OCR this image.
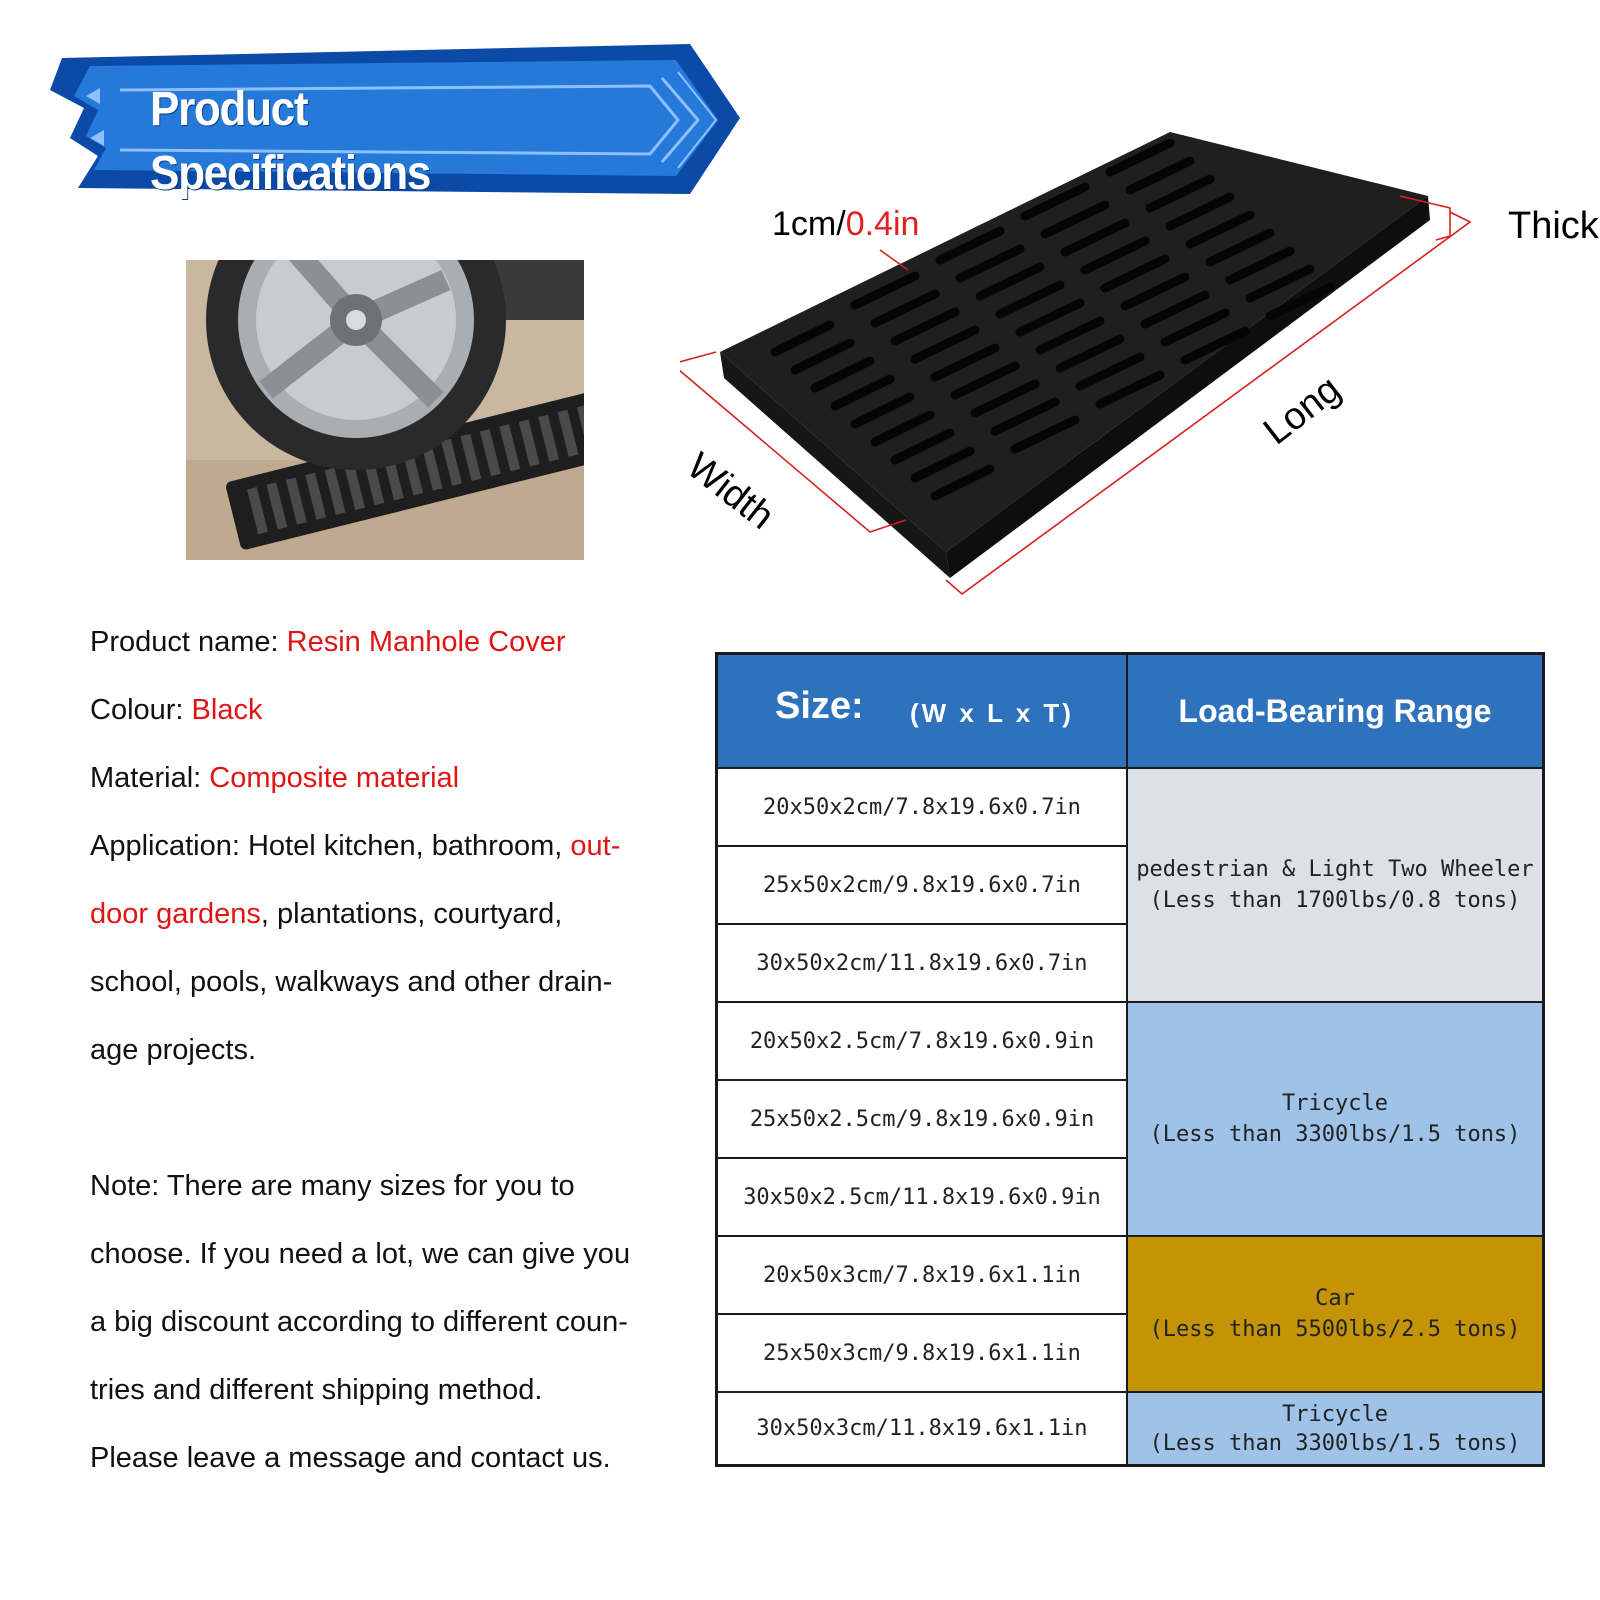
Product Specifications
1cm/0.4in	Thick
Width
Long
Product name: Resin Manhole Cover
Colour: Black
Material: Composite material
Application: Hotel kitchen, bathroom, out-
door gardens, plantations, courtyard,
school, pools, walkways and other drain-
age projects.
Note: There are many sizes for you to
choose. If you need a lot, we can give you
a big discount according to different coun-
tries and different shipping method.
Please leave a message and contact us.
Size: (W x L x T)	Load-Bearing Range
20x50x2cm/7.8x19.6x0.7in
25x50x2cm/9.8x19.6x0.7in
30x50x2cm/11.8x19.6x0.7in
20x50x2.5cm/7.8x19.6x0.9in
25x50x2.5cm/9.8x19.6x0.9in
30x50x2.5cm/11.8x19.6x0.9in
20x50x3cm/7.8x19.6x1.1in
25x50x3cm/9.8x19.6x1.1in
30x50x3cm/11.8x19.6x1.1in
pedestrian & Light Two Wheeler
(Less than 1700lbs/0.8 tons)
Tricycle
(Less than 3300lbs/1.5 tons)
Car
(Less than 5500lbs/2.5 tons)
Tricycle
(Less than 3300lbs/1.5 tons)
